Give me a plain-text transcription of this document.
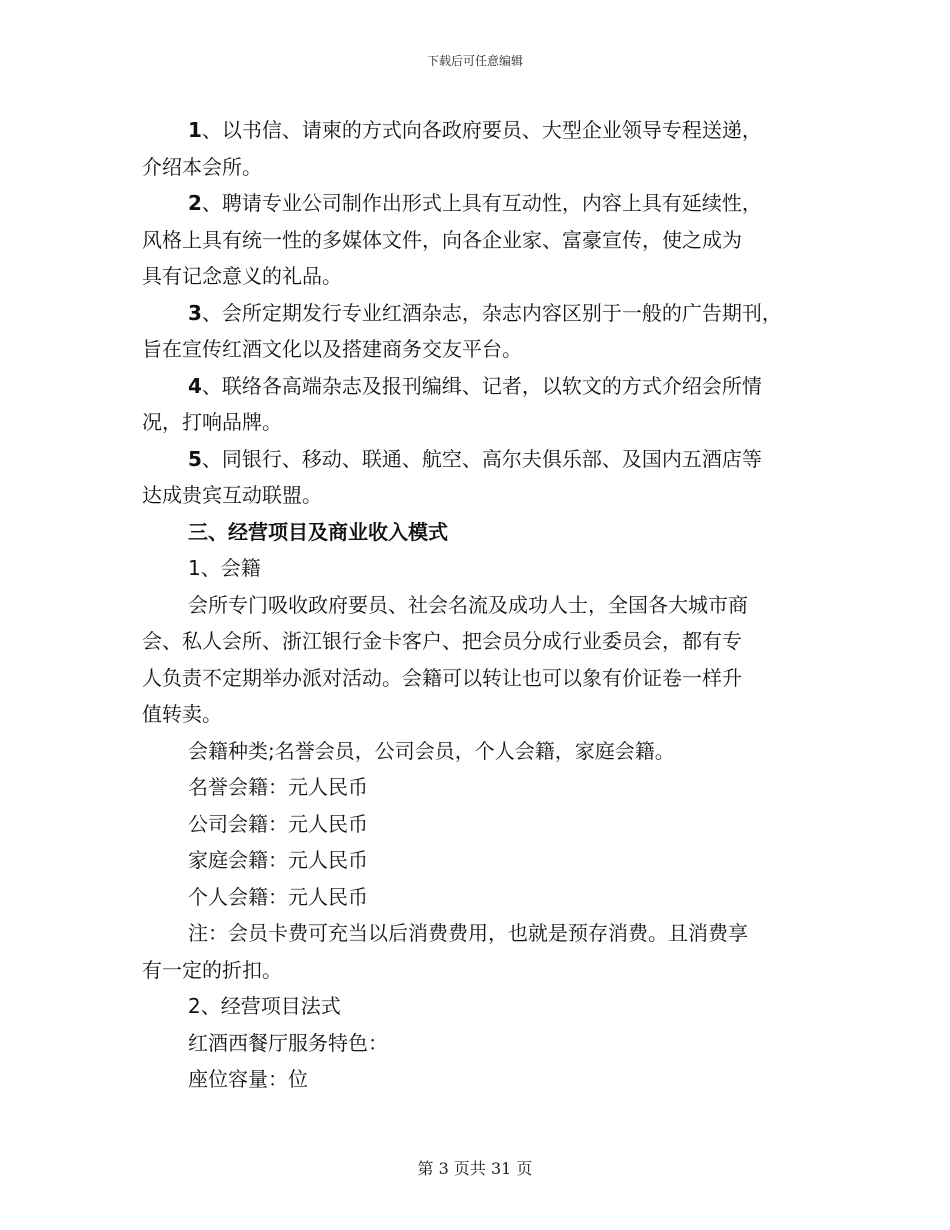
下载后可任意编辑

1、以书信、请柬的方式向各政府要员、大型企业领导专程送递，

介绍本会所。

2、聘请专业公司制作出形式上具有互动性，内容上具有延续性，

风格上具有统一性的多媒体文件，向各企业家、富豪宣传，使之成为

具有记念意义的礼品。

3、会所定期发行专业红酒杂志，杂志内容区别于一般的广告期刊，

旨在宣传红酒文化以及搭建商务交友平台。

4、联络各高端杂志及报刊编缉、记者，以软文的方式介绍会所情

况，打响品牌。

5、同银行、移动、联通、航空、高尔夫俱乐部、及国内五酒店等

达成贵宾互动联盟。

三、经营项目及商业收入模式

1、会籍

会所专门吸收政府要员、社会名流及成功人士，全国各大城市商

会、私人会所、浙江银行金卡客户、把会员分成行业委员会，都有专

人负责不定期举办派对活动。会籍可以转让也可以象有价证卷一样升

值转卖。

会籍种类;名誉会员，公司会员，个人会籍，家庭会籍。

名誉会籍：元人民币

公司会籍：元人民币

家庭会籍：元人民币

个人会籍：元人民币

注：会员卡费可充当以后消费费用，也就是预存消费。且消费享

有一定的折扣。

2、经营项目法式

红酒西餐厅服务特色：

座位容量：位

第 3 页共 31 页
